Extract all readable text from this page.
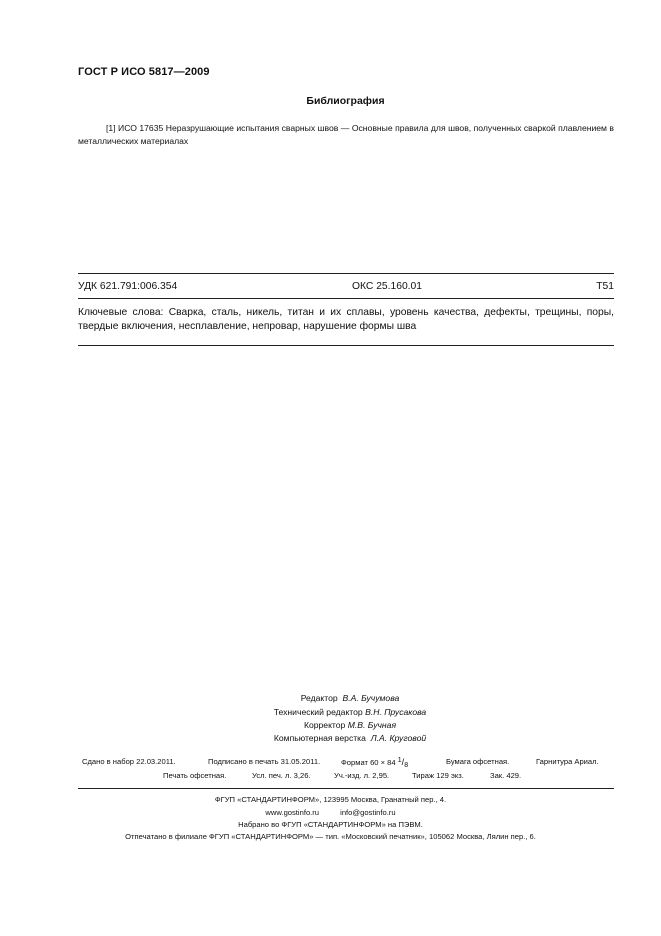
ГОСТ Р ИСО 5817—2009
Библиография
[1] ИСО 17635 Неразрушающие испытания сварных швов — Основные правила для швов, полученных сваркой плавлением в металлических материалах
УДК 621.791:006.354	ОКС 25.160.01	T51
Ключевые слова: Сварка, сталь, никель, титан и их сплавы, уровень качества, дефекты, трещины, поры, твердые включения, несплавление, непровар, нарушение формы шва
Редактор В.А. Бучумова
Технический редактор В.Н. Прусакова
Корректор М.В. Бучная
Компьютерная верстка Л.А. Круговой
Сдано в набор 22.03.2011.	Подписано в печать 31.05.2011.	Формат 60 × 84 1/8	Бумага офсетная.	Гарнитура Ариал.
Печать офсетная.	Усл. печ. л. 3,26.	Уч.-изд. л. 2,95.	Тираж 129 экз.	Зак. 429.
ФГУП «СТАНДАРТИНФОРМ», 123995 Москва, Гранатный пер., 4.
www.gostinfo.ru	info@gostinfo.ru
Набрано во ФГУП «СТАНДАРТИНФОРМ» на ПЭВМ.
Отпечатано в филиале ФГУП «СТАНДАРТИНФОРМ» — тип. «Московский печатник», 105062 Москва, Лялин пер., 6.
